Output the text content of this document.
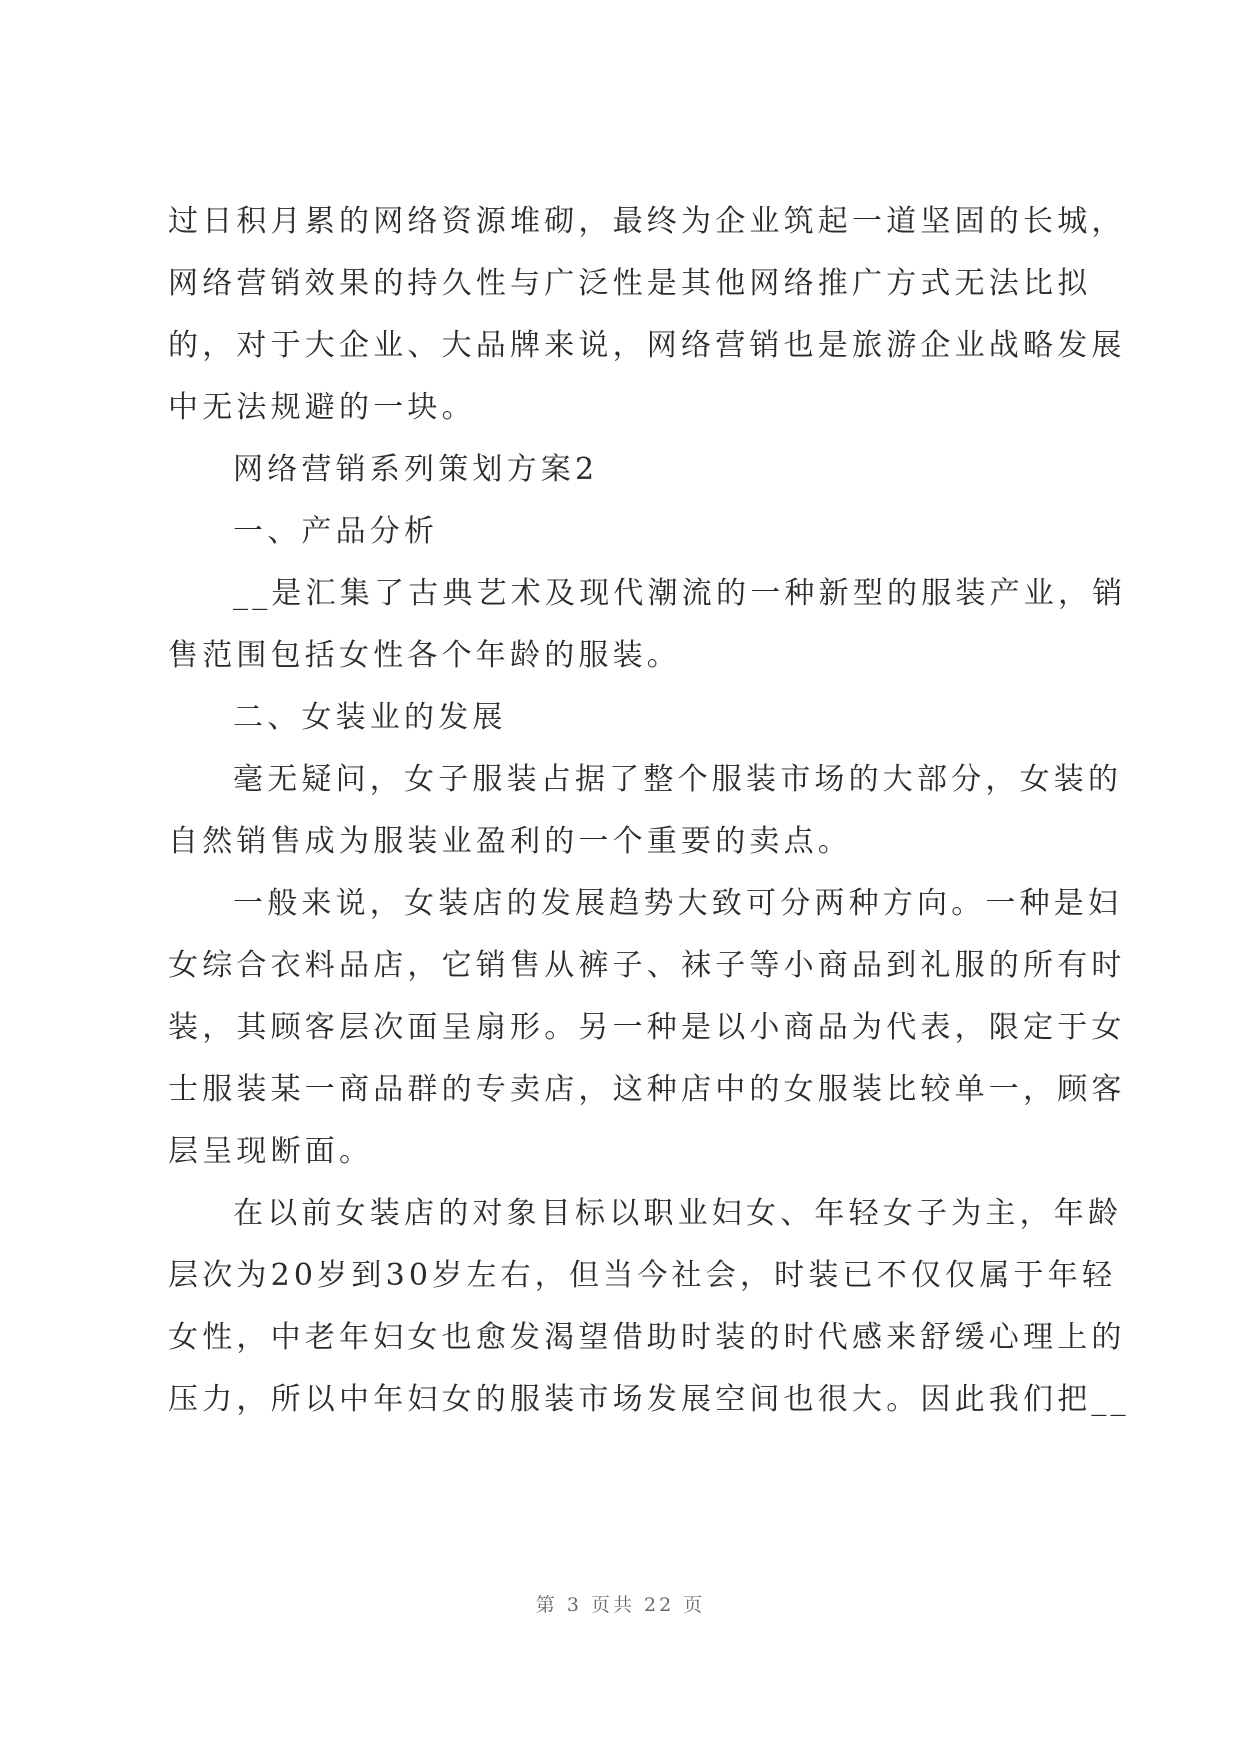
过日积月累的网络资源堆砌，最终为企业筑起一道坚固的长城，
网络营销效果的持久性与广泛性是其他网络推广方式无法比拟
的，对于大企业、大品牌来说，网络营销也是旅游企业战略发展
中无法规避的一块。
网络营销系列策划方案2
一、产品分析
__是汇集了古典艺术及现代潮流的一种新型的服装产业，销
售范围包括女性各个年龄的服装。
二、女装业的发展
毫无疑问，女子服装占据了整个服装市场的大部分，女装的
自然销售成为服装业盈利的一个重要的卖点。
一般来说，女装店的发展趋势大致可分两种方向。一种是妇
女综合衣料品店，它销售从裤子、袜子等小商品到礼服的所有时
装，其顾客层次面呈扇形。另一种是以小商品为代表，限定于女
士服装某一商品群的专卖店，这种店中的女服装比较单一，顾客
层呈现断面。
在以前女装店的对象目标以职业妇女、年轻女子为主，年龄
层次为20岁到30岁左右，但当今社会，时装已不仅仅属于年轻
女性，中老年妇女也愈发渴望借助时装的时代感来舒缓心理上的
压力，所以中年妇女的服装市场发展空间也很大。因此我们把__
第 3 页共 22 页
